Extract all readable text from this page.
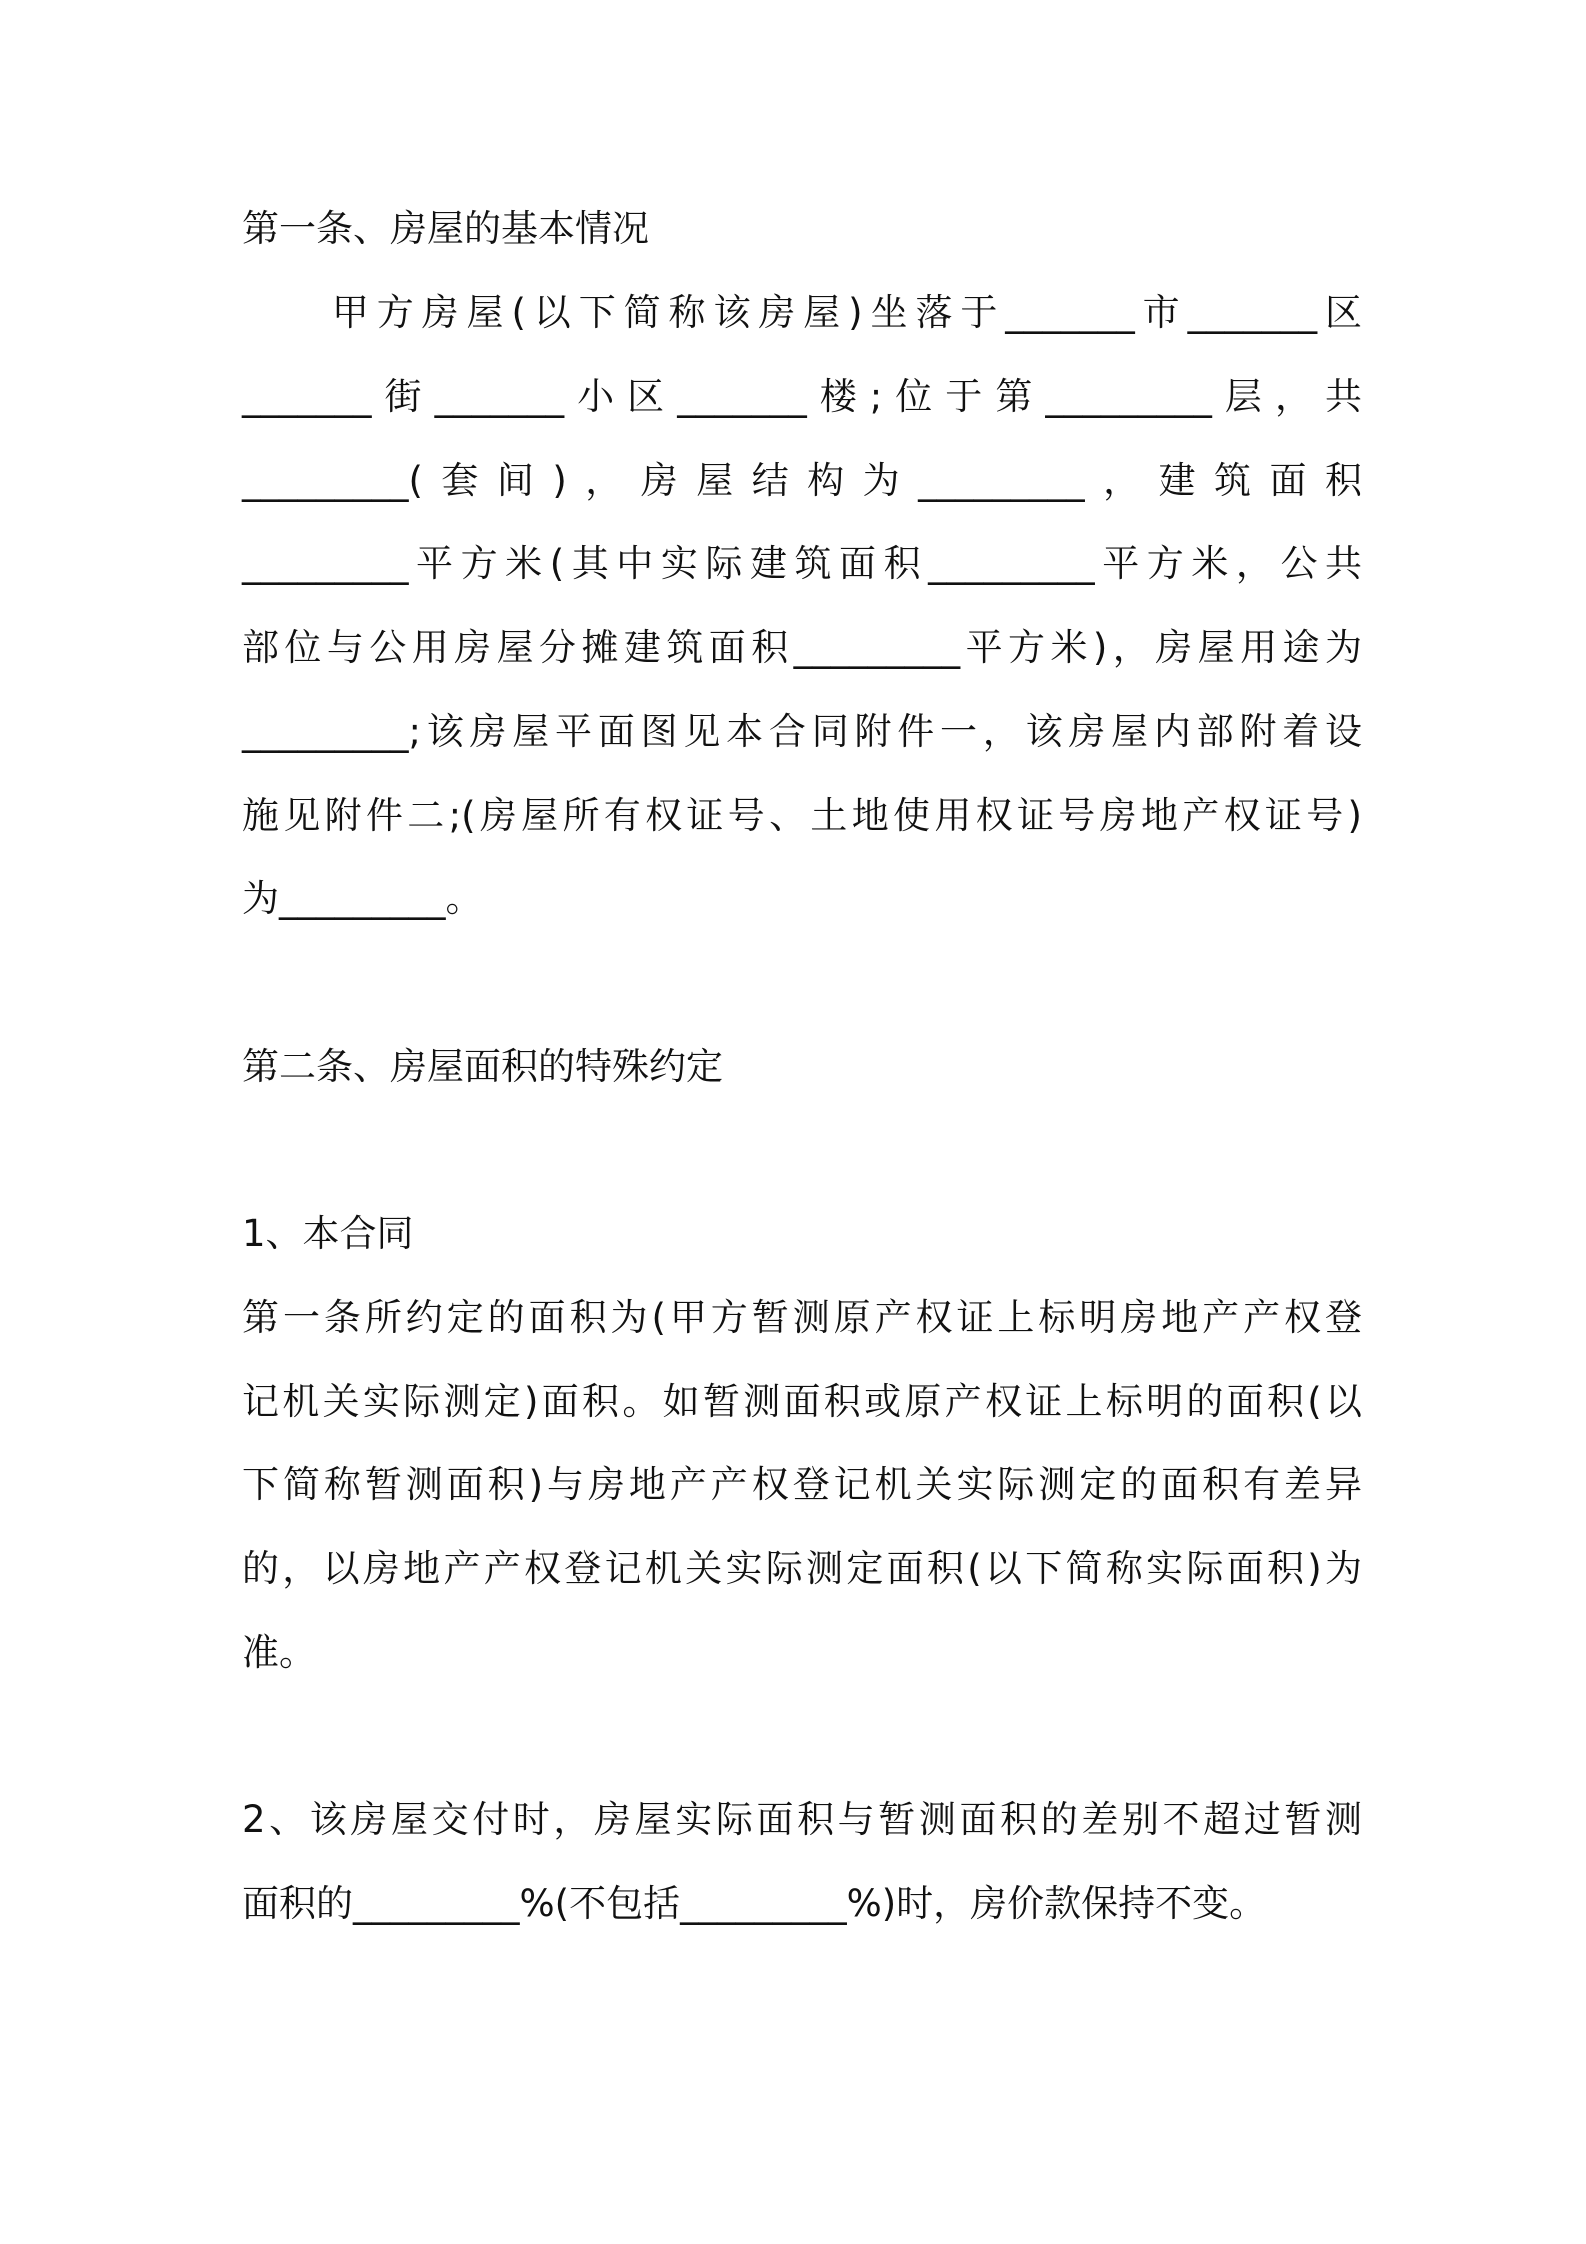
第一条、房屋的基本情况

　　甲方房屋(以下简称该房屋)坐落于_______市_______区

_______街_______小区_______楼;位于第_________层，共

_________(套间)，房屋结构为_________，建筑面积

_________平方米(其中实际建筑面积_________平方米，公共

部位与公用房屋分摊建筑面积_________平方米)，房屋用途为

_________;该房屋平面图见本合同附件一，该房屋内部附着设

施见附件二;(房屋所有权证号、土地使用权证号房地产权证号)

为_________。

第二条、房屋面积的特殊约定

1、本合同

第一条所约定的面积为(甲方暂测原产权证上标明房地产产权登

记机关实际测定)面积。如暂测面积或原产权证上标明的面积(以

下简称暂测面积)与房地产产权登记机关实际测定的面积有差异

的，以房地产产权登记机关实际测定面积(以下简称实际面积)为

准。

2、该房屋交付时，房屋实际面积与暂测面积的差别不超过暂测

面积的_________%(不包括_________%)时，房价款保持不变。
